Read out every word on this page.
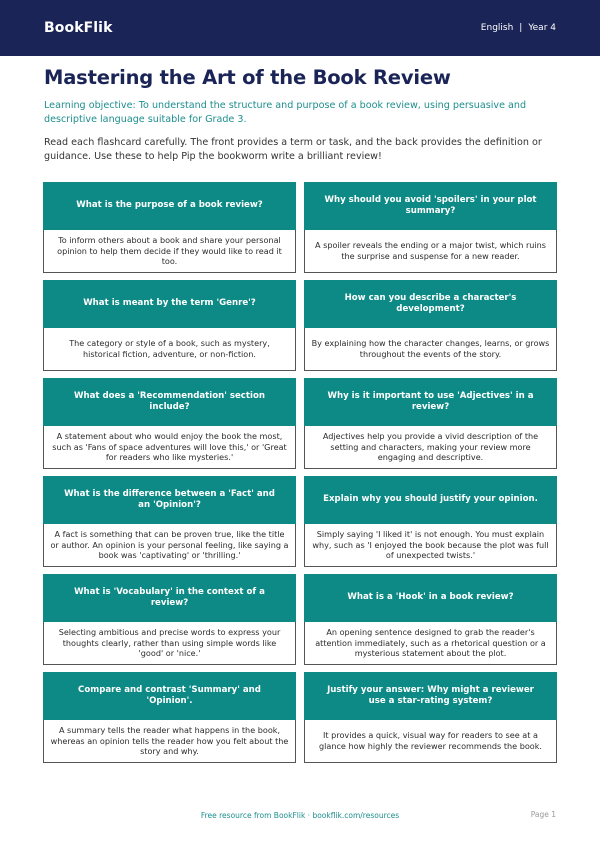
BookFlik	English | Year 4
Mastering the Art of the Book Review

Learning objective: To understand the structure and purpose of a book review, using persuasive and descriptive language suitable for Grade 3.

Read each flashcard carefully. The front provides a term or task, and the back provides the definition or guidance. Use these to help Pip the bookworm write a brilliant review!

What is the purpose of a book review?
To inform others about a book and share your personal opinion to help them decide if they would like to read it too.
Why should you avoid 'spoilers' in your plot summary?
A spoiler reveals the ending or a major twist, which ruins the surprise and suspense for a new reader.
What is meant by the term 'Genre'?
The category or style of a book, such as mystery, historical fiction, adventure, or non-fiction.
How can you describe a character's development?
By explaining how the character changes, learns, or grows throughout the events of the story.
What does a 'Recommendation' section include?
A statement about who would enjoy the book the most, such as 'Fans of space adventures will love this,' or 'Great for readers who like mysteries.'
Why is it important to use 'Adjectives' in a review?
Adjectives help you provide a vivid description of the setting and characters, making your review more engaging and descriptive.
What is the difference between a 'Fact' and an 'Opinion'?
A fact is something that can be proven true, like the title or author. An opinion is your personal feeling, like saying a book was 'captivating' or 'thrilling.'
Explain why you should justify your opinion.
Simply saying 'I liked it' is not enough. You must explain why, such as 'I enjoyed the book because the plot was full of unexpected twists.'
What is 'Vocabulary' in the context of a review?
Selecting ambitious and precise words to express your thoughts clearly, rather than using simple words like 'good' or 'nice.'
What is a 'Hook' in a book review?
An opening sentence designed to grab the reader's attention immediately, such as a rhetorical question or a mysterious statement about the plot.
Compare and contrast 'Summary' and 'Opinion'.
A summary tells the reader what happens in the book, whereas an opinion tells the reader how you felt about the story and why.
Justify your answer: Why might a reviewer use a star-rating system?
It provides a quick, visual way for readers to see at a glance how highly the reviewer recommends the book.
Free resource from BookFlik · bookflik.com/resources	Page 1
